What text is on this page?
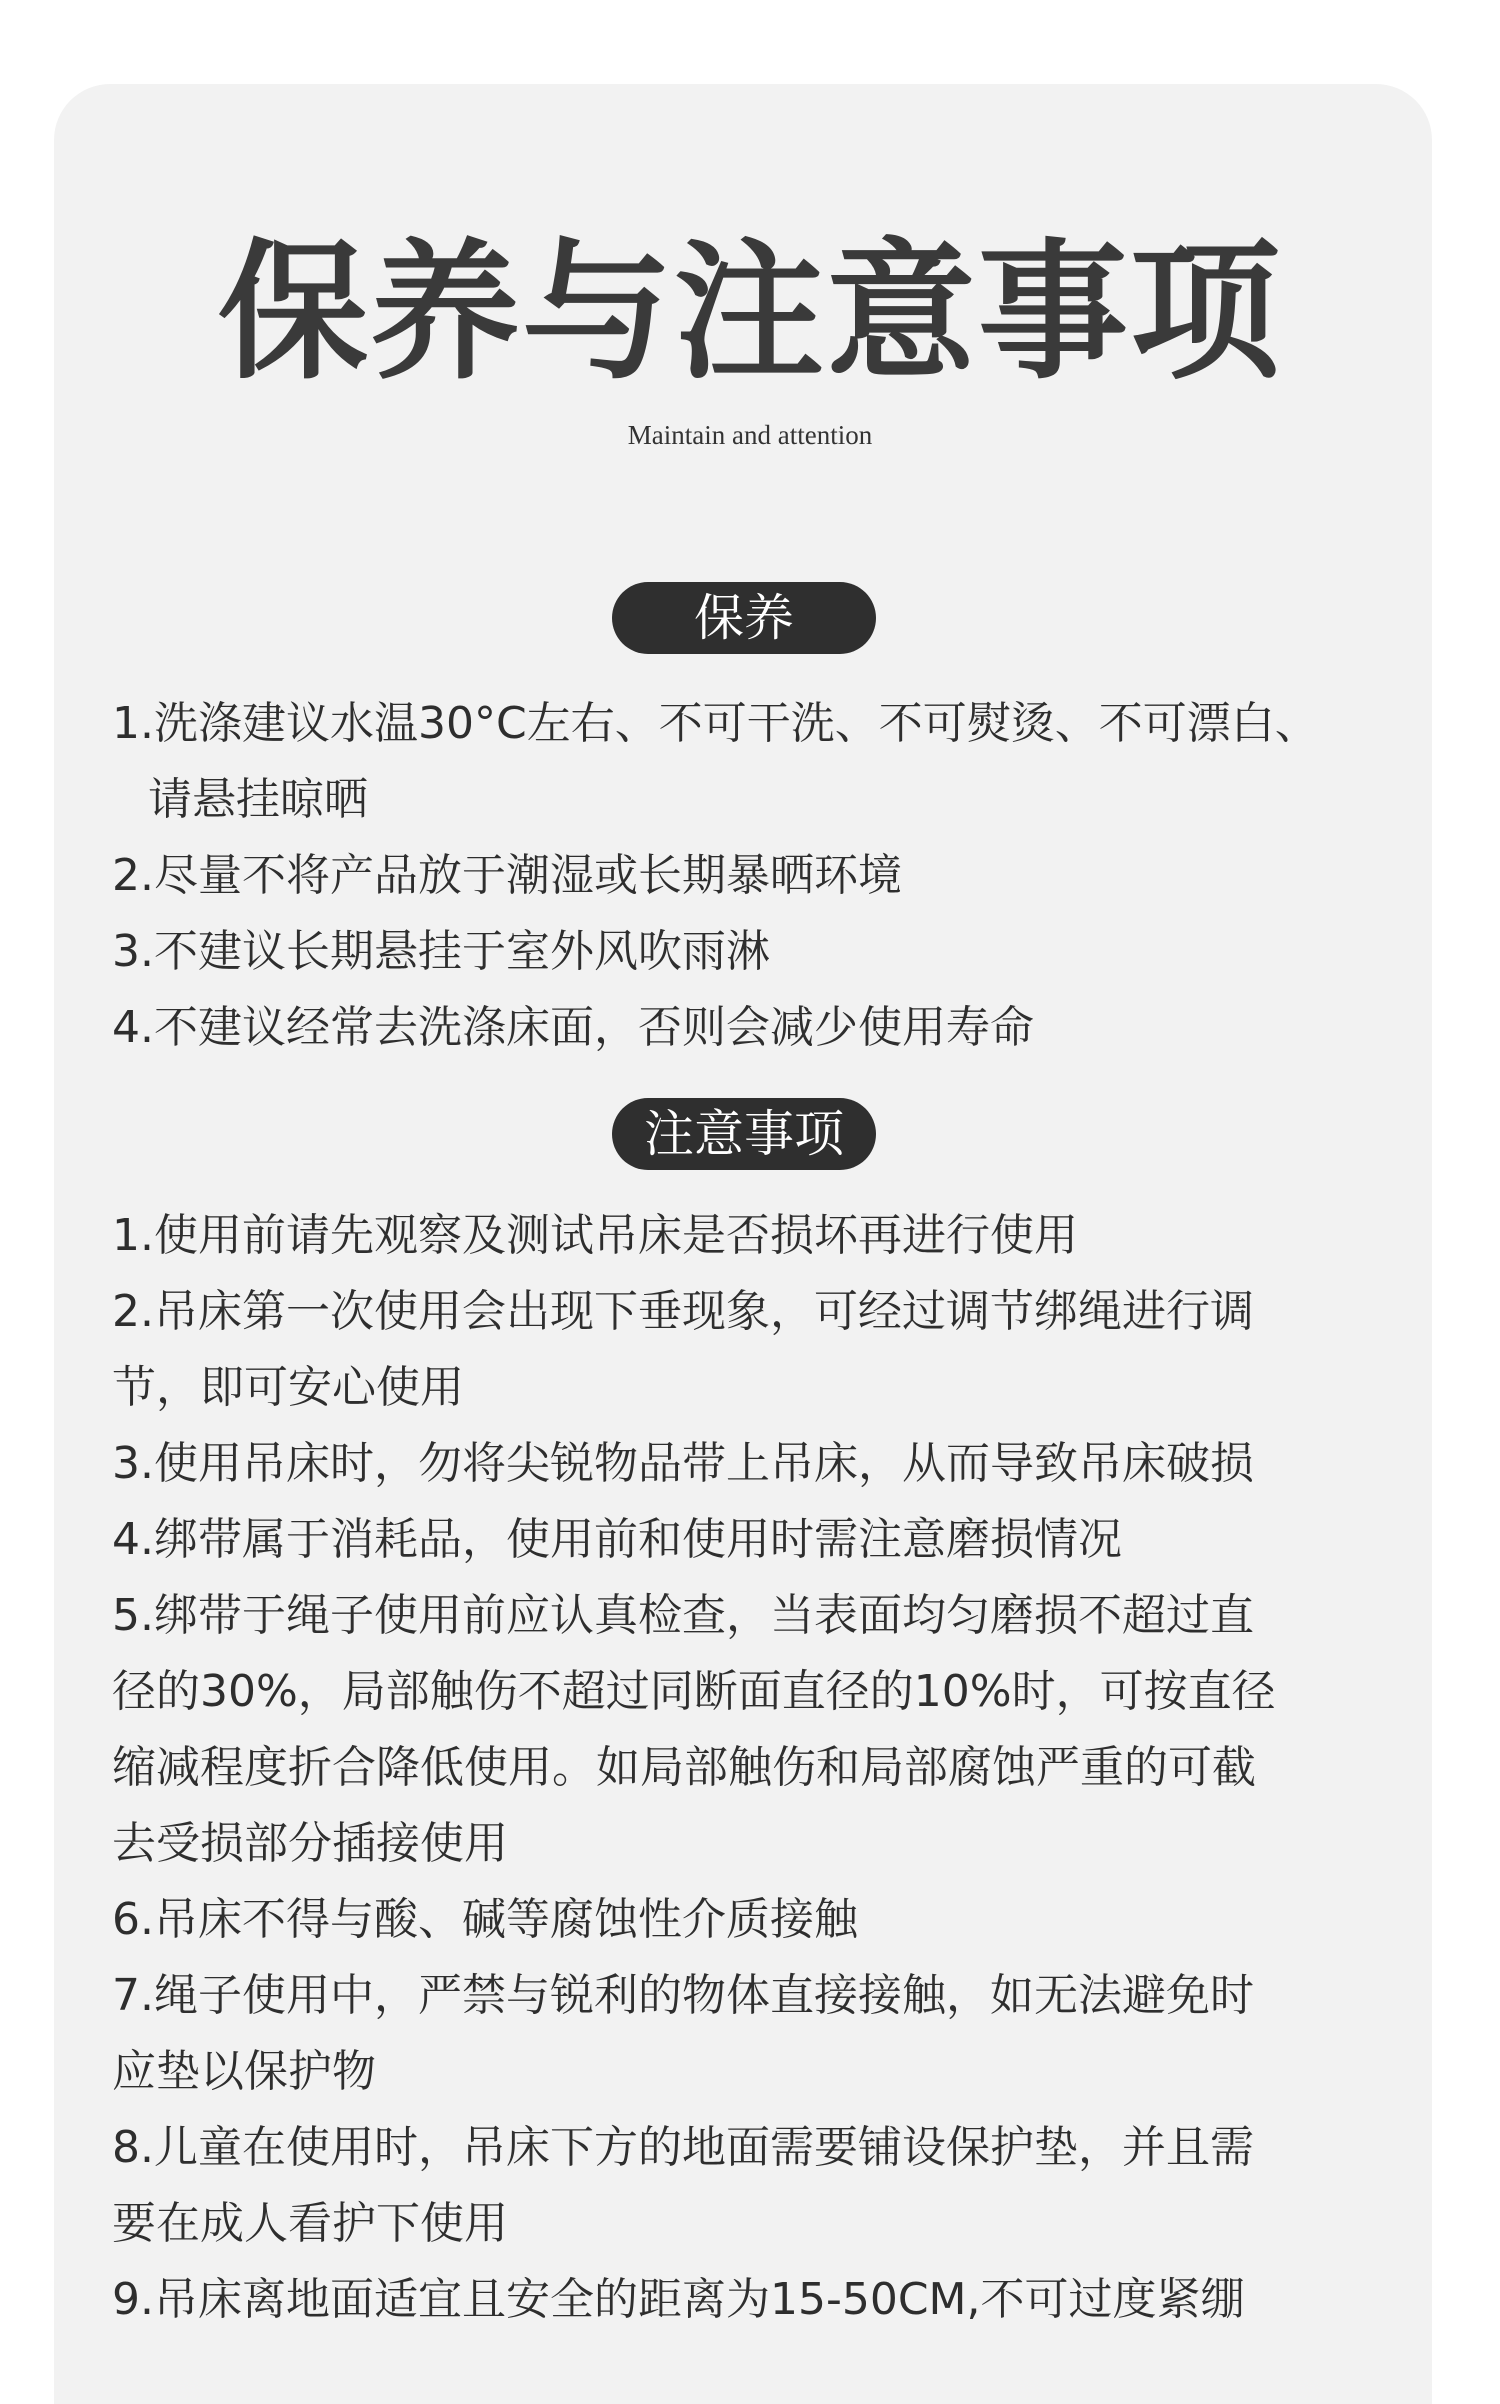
保养与注意事项
Maintain and attention
保养
1.洗涤建议水温30°C左右、不可干洗、不可熨烫、不可漂白、
请悬挂晾晒
2.尽量不将产品放于潮湿或长期暴晒环境
3.不建议长期悬挂于室外风吹雨淋
4.不建议经常去洗涤床面，否则会减少使用寿命
注意事项
1.使用前请先观察及测试吊床是否损坏再进行使用
2.吊床第一次使用会出现下垂现象，可经过调节绑绳进行调
节，即可安心使用
3.使用吊床时，勿将尖锐物品带上吊床，从而导致吊床破损
4.绑带属于消耗品，使用前和使用时需注意磨损情况
5.绑带于绳子使用前应认真检查，当表面均匀磨损不超过直
径的30%，局部触伤不超过同断面直径的10%时，可按直径
缩减程度折合降低使用。如局部触伤和局部腐蚀严重的可截
去受损部分插接使用
6.吊床不得与酸、碱等腐蚀性介质接触
7.绳子使用中，严禁与锐利的物体直接接触，如无法避免时
应垫以保护物
8.儿童在使用时，吊床下方的地面需要铺设保护垫，并且需
要在成人看护下使用
9.吊床离地面适宜且安全的距离为15-50CM,不可过度紧绷
